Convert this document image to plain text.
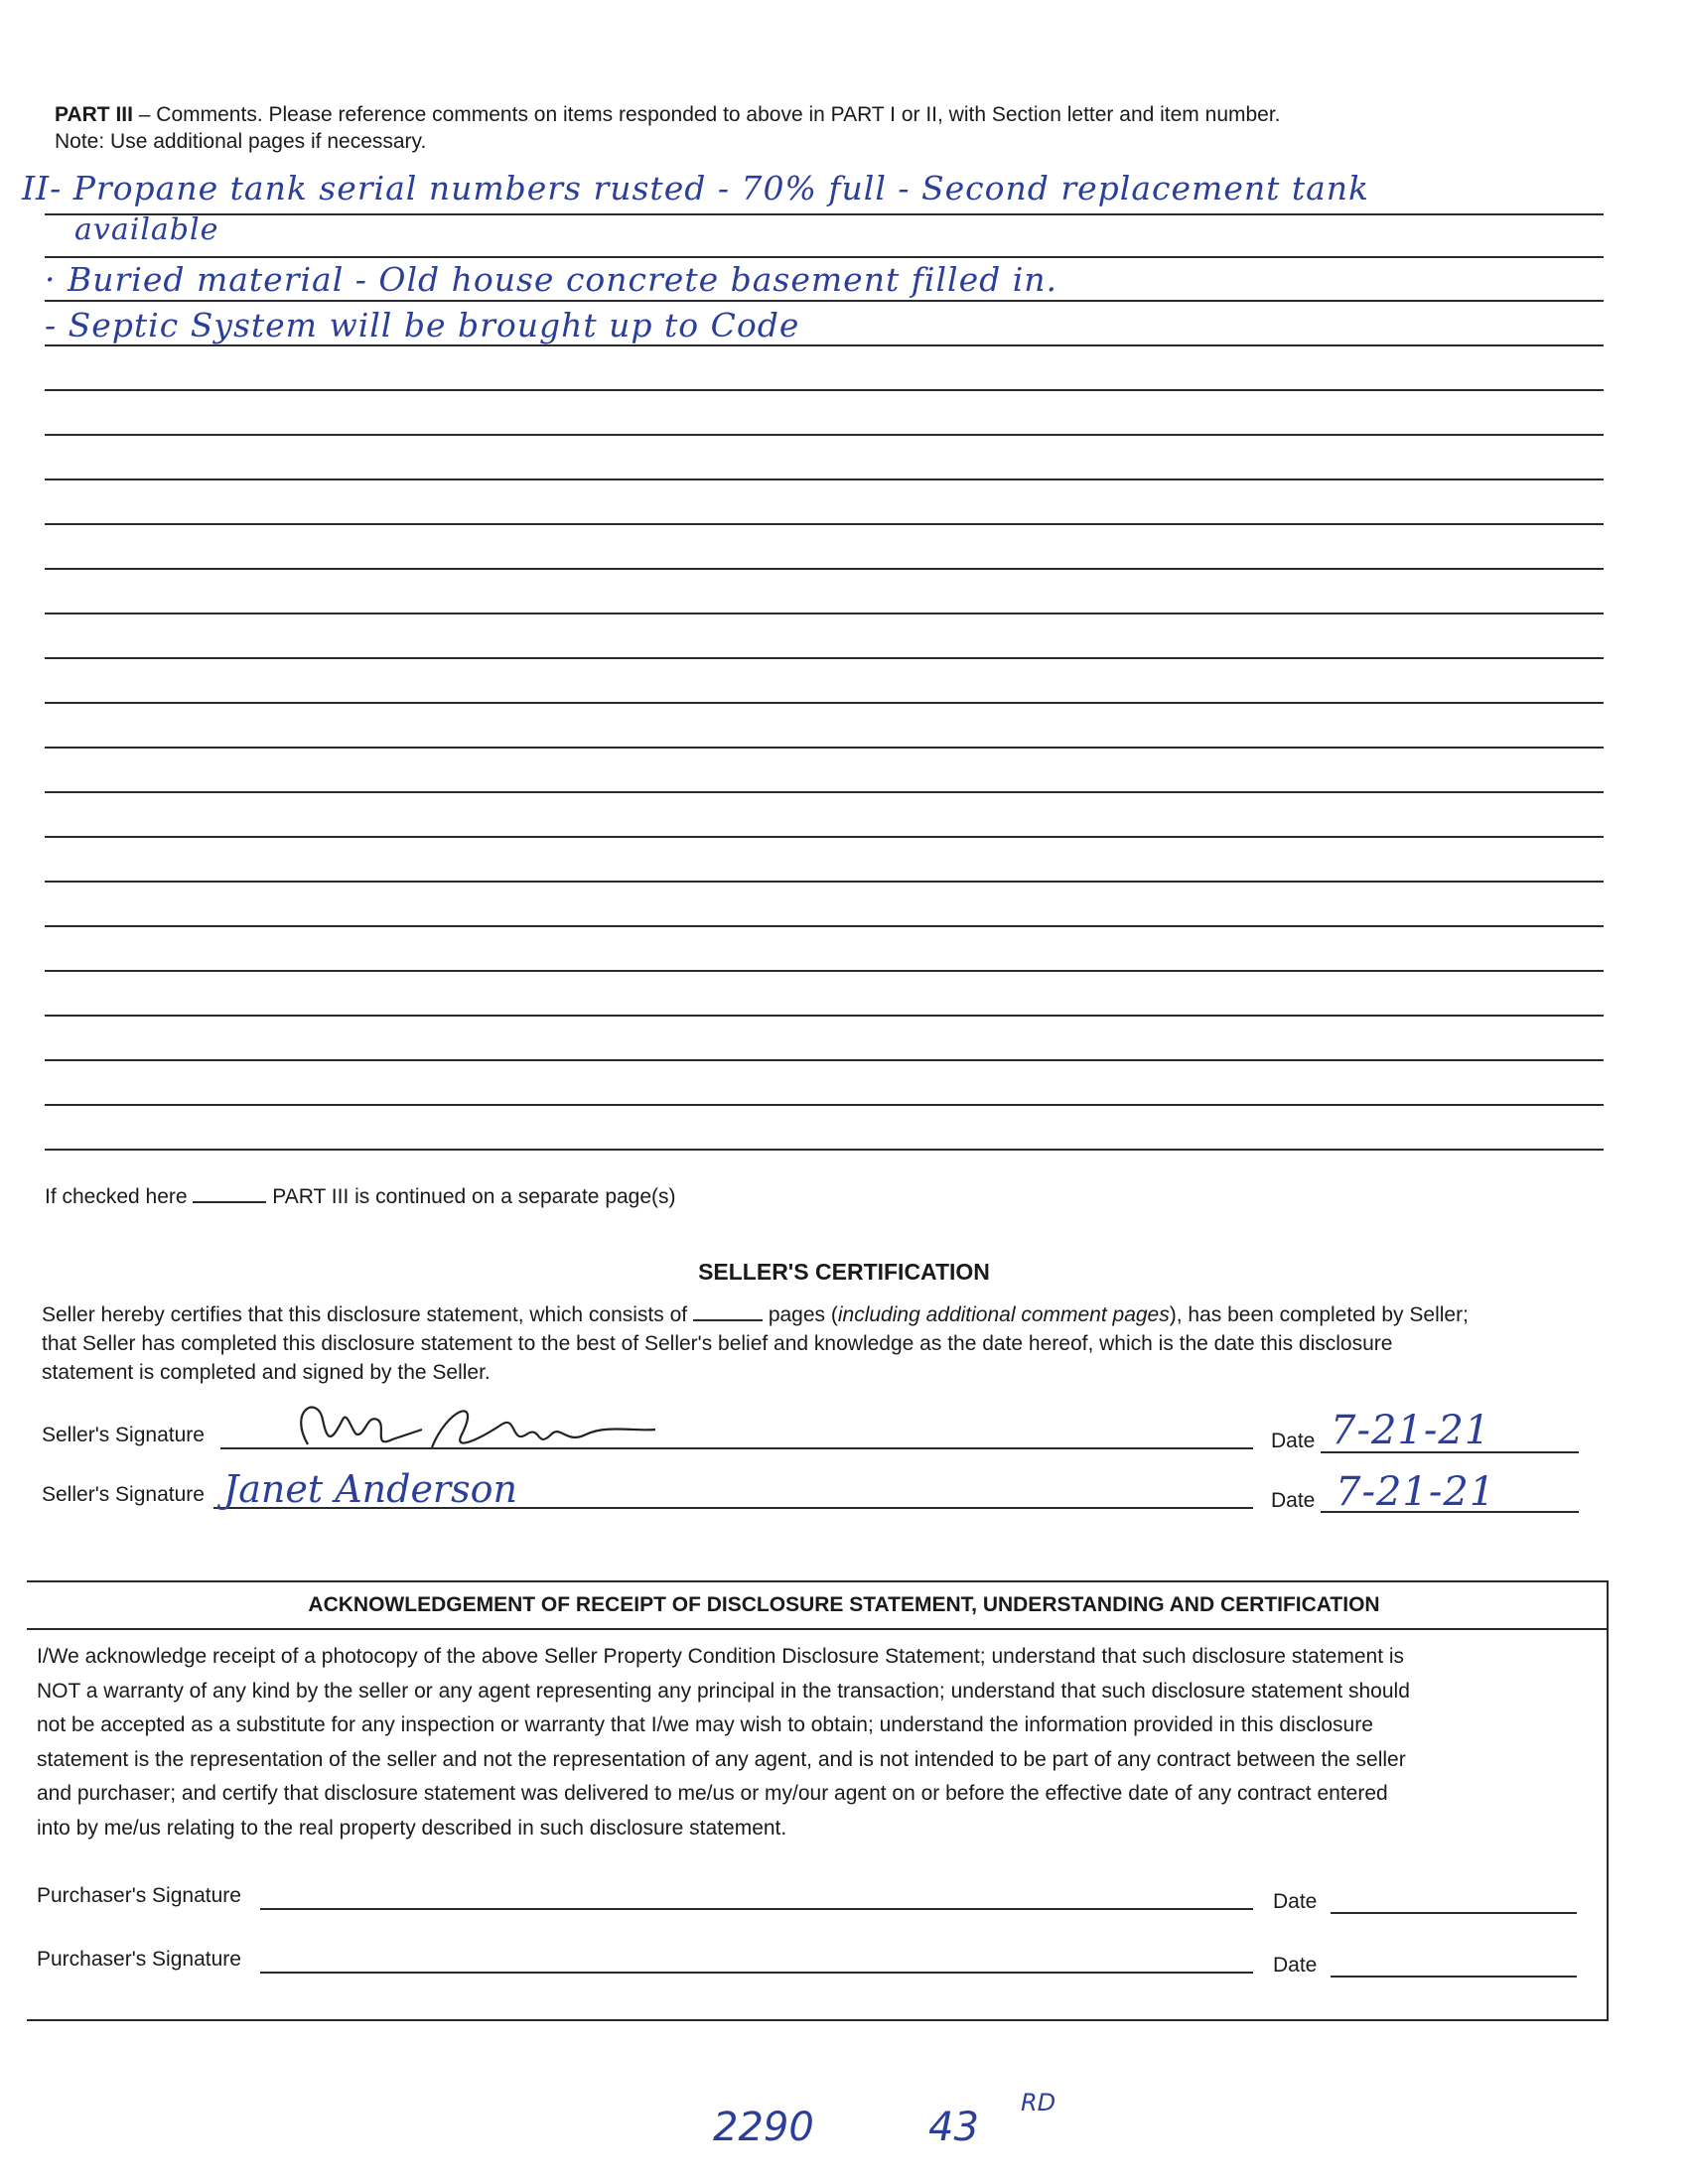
PART III – Comments. Please reference comments on items responded to above in PART I or II, with Section letter and item number.
Note: Use additional pages if necessary.
II- Propane tank serial numbers rusted - 70% full - Second replacement tank
available
· Buried material - Old house concrete basement filled in.
- Septic System will be brought up to Code
If checked here	PART III is continued on a separate page(s)
SELLER'S CERTIFICATION
Seller hereby certifies that this disclosure statement, which consists of	pages (including additional comment pages), has been completed by Seller;
that Seller has completed this disclosure statement to the best of Seller's belief and knowledge as the date hereof, which is the date this disclosure
statement is completed and signed by the Seller.
Seller's Signature	Date 7-21-21
Seller's Signature Janet Anderson	Date 7-21-21
ACKNOWLEDGEMENT OF RECEIPT OF DISCLOSURE STATEMENT, UNDERSTANDING AND CERTIFICATION
I/We acknowledge receipt of a photocopy of the above Seller Property Condition Disclosure Statement; understand that such disclosure statement is
NOT a warranty of any kind by the seller or any agent representing any principal in the transaction; understand that such disclosure statement should
not be accepted as a substitute for any inspection or warranty that I/we may wish to obtain; understand the information provided in this disclosure
statement is the representation of the seller and not the representation of any agent, and is not intended to be part of any contract between the seller
and purchaser; and certify that disclosure statement was delivered to me/us or my/our agent on or before the effective date of any contract entered
into by me/us relating to the real property described in such disclosure statement.
Purchaser's Signature	Date
Purchaser's Signature	Date
2290	43
RD
